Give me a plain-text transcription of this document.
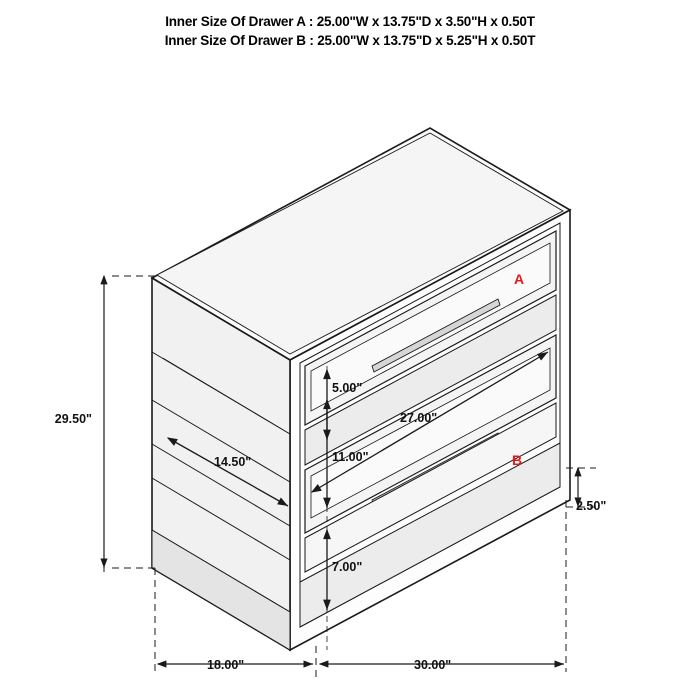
Inner Size Of Drawer A : 25.00"W x 13.75"D x 3.50"H x 0.50T
Inner Size Of Drawer B : 25.00"W x 13.75"D x 5.25"H x 0.50T
29.50"
14.50"
5.00"
27.00"
11.00"
2.50"
7.00"
18.00"	30.00"
A
B
